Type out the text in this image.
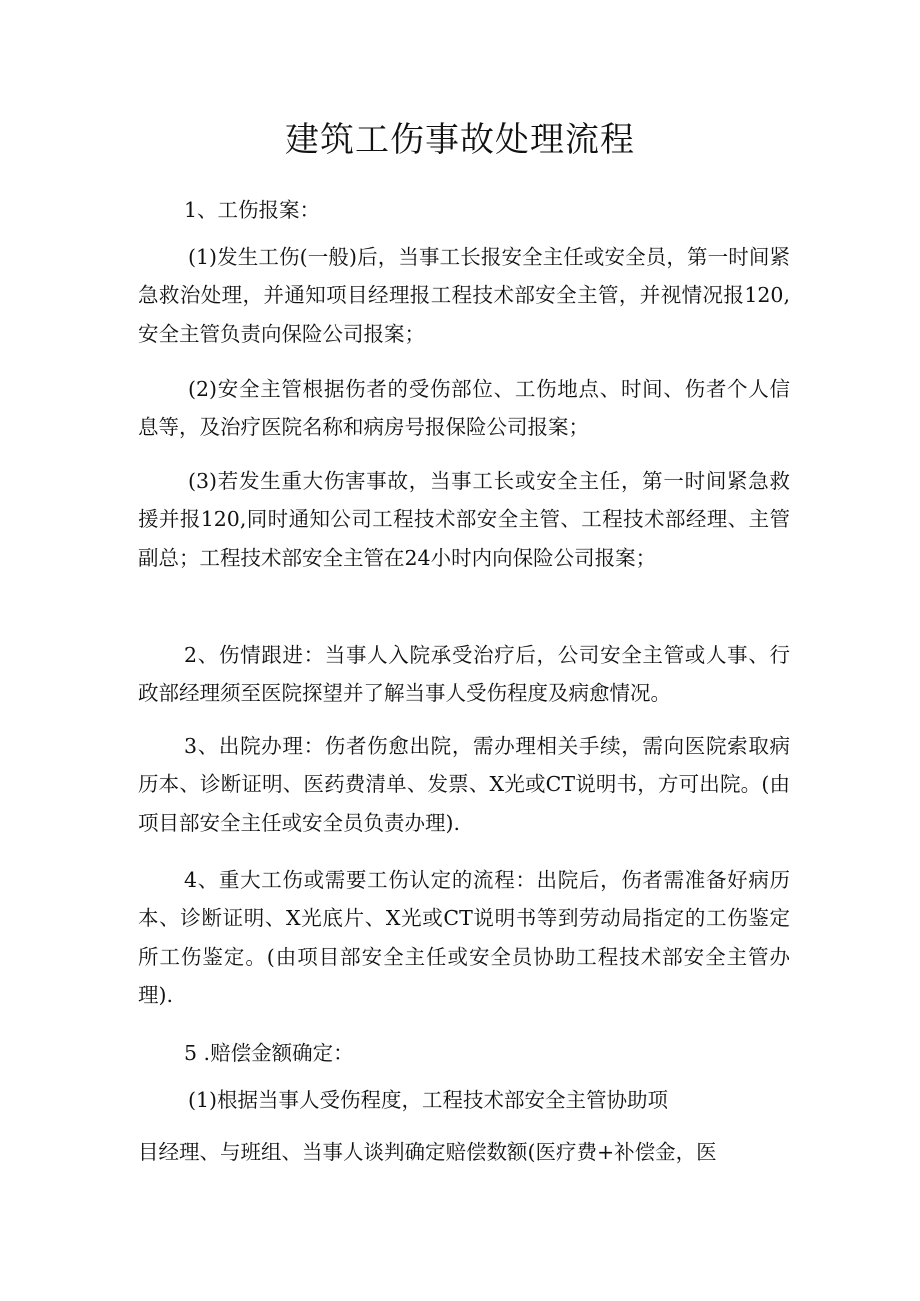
建筑工伤事故处理流程

1、工伤报案：

(1)发生工伤(一般)后，当事工长报安全主任或安全员，第一时间紧急救治处理，并通知项目经理报工程技术部安全主管，并视情况报120,安全主管负责向保险公司报案；

(2)安全主管根据伤者的受伤部位、工伤地点、时间、伤者个人信息等，及治疗医院名称和病房号报保险公司报案；

(3)若发生重大伤害事故，当事工长或安全主任，第一时间紧急救援并报120,同时通知公司工程技术部安全主管、工程技术部经理、主管副总；工程技术部安全主管在24小时内向保险公司报案；

2、伤情跟进：当事人入院承受治疗后，公司安全主管或人事、行政部经理须至医院探望并了解当事人受伤程度及病愈情况。

3、出院办理：伤者伤愈出院，需办理相关手续，需向医院索取病历本、诊断证明、医药费清单、发票、X光或CT说明书，方可出院。(由项目部安全主任或安全员负责办理).

4、重大工伤或需要工伤认定的流程：出院后，伤者需准备好病历本、诊断证明、X光底片、X光或CT说明书等到劳动局指定的工伤鉴定所工伤鉴定。(由项目部安全主任或安全员协助工程技术部安全主管办理).

5 .赔偿金额确定：

(1)根据当事人受伤程度，工程技术部安全主管协助项

目经理、与班组、当事人谈判确定赔偿数额(医疗费+补偿金，医
